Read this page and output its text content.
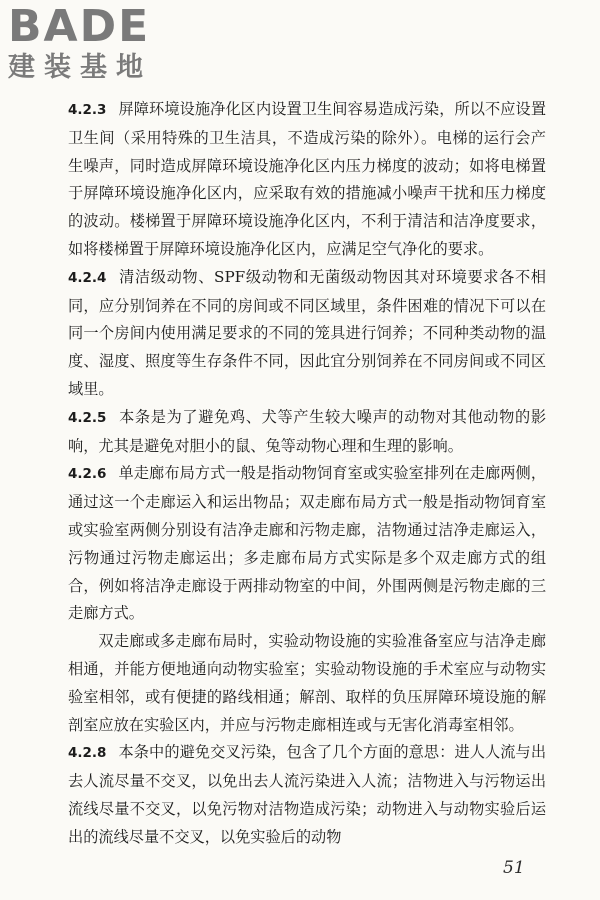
BADE
建装基地

4.2.3 屏障环境设施净化区内设置卫生间容易造成污染，所以不应设置卫生间（采用特殊的卫生洁具，不造成污染的除外）。电梯的运行会产生噪声，同时造成屏障环境设施净化区内压力梯度的波动；如将电梯置于屏障环境设施净化区内，应采取有效的措施减小噪声干扰和压力梯度的波动。楼梯置于屏障环境设施净化区内，不利于清洁和洁净度要求，如将楼梯置于屏障环境设施净化区内，应满足空气净化的要求。

4.2.4 清洁级动物、SPF级动物和无菌级动物因其对环境要求各不相同，应分别饲养在不同的房间或不同区域里，条件困难的情况下可以在同一个房间内使用满足要求的不同的笼具进行饲养；不同种类动物的温度、湿度、照度等生存条件不同，因此宜分别饲养在不同房间或不同区域里。

4.2.5 本条是为了避免鸡、犬等产生较大噪声的动物对其他动物的影响，尤其是避免对胆小的鼠、兔等动物心理和生理的影响。

4.2.6 单走廊布局方式一般是指动物饲育室或实验室排列在走廊两侧，通过这一个走廊运入和运出物品；双走廊布局方式一般是指动物饲育室或实验室两侧分别设有洁净走廊和污物走廊，洁物通过洁净走廊运入，污物通过污物走廊运出；多走廊布局方式实际是多个双走廊方式的组合，例如将洁净走廊设于两排动物室的中间，外围两侧是污物走廊的三走廊方式。

双走廊或多走廊布局时，实验动物设施的实验准备室应与洁净走廊相通，并能方便地通向动物实验室；实验动物设施的手术室应与动物实验室相邻，或有便捷的路线相通；解剖、取样的负压屏障环境设施的解剖室应放在实验区内，并应与污物走廊相连或与无害化消毒室相邻。

4.2.8 本条中的避免交叉污染，包含了几个方面的意思：进人人流与出去人流尽量不交叉，以免出去人流污染进入人流；洁物进入与污物运出流线尽量不交叉，以免污物对洁物造成污染；动物进入与动物实验后运出的流线尽量不交叉，以免实验后的动物

51
